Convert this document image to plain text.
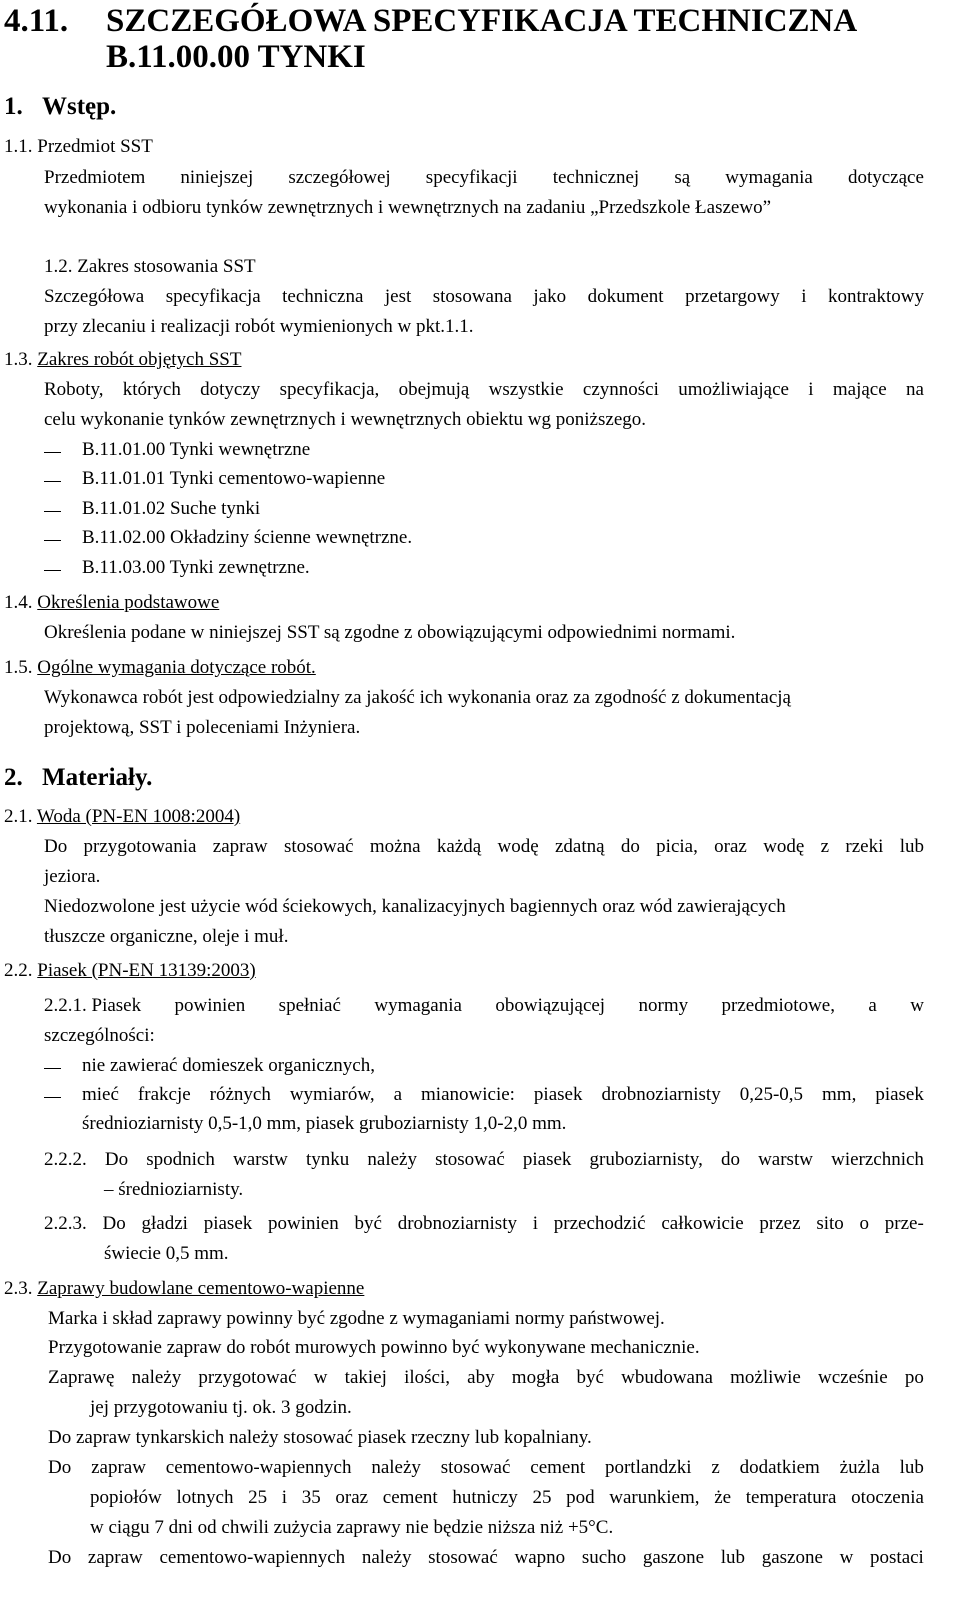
4.11. SZCZEGÓŁOWA SPECYFIKACJA TECHNICZNA
B.11.00.00 TYNKI
1. Wstęp.
1.1. Przedmiot SST
Przedmiotem niniejszej szczegółowej specyfikacji technicznej są wymagania dotyczące
wykonania i odbioru tynków zewnętrznych i wewnętrznych na zadaniu „Przedszkole Łaszewo”
1.2. Zakres stosowania SST
Szczegółowa specyfikacja techniczna jest stosowana jako dokument przetargowy i kontraktowy
przy zlecaniu i realizacji robót wymienionych w pkt.1.1.
1.3. Zakres robót objętych SST
Roboty, których dotyczy specyfikacja, obejmują wszystkie czynności umożliwiające i mające na
celu wykonanie tynków zewnętrznych i wewnętrznych obiektu wg poniższego.
B.11.01.00 Tynki wewnętrzne
B.11.01.01 Tynki cementowo-wapienne
B.11.01.02 Suche tynki
B.11.02.00 Okładziny ścienne wewnętrzne.
B.11.03.00 Tynki zewnętrzne.
1.4. Określenia podstawowe
Określenia podane w niniejszej SST są zgodne z obowiązującymi odpowiednimi normami.
1.5. Ogólne wymagania dotyczące robót.
Wykonawca robót jest odpowiedzialny za jakość ich wykonania oraz za zgodność z dokumentacją
projektową, SST i poleceniami Inżyniera.
2. Materiały.
2.1. Woda (PN-EN 1008:2004)
Do przygotowania zapraw stosować można każdą wodę zdatną do picia, oraz wodę z rzeki lub
jeziora.
Niedozwolone jest użycie wód ściekowych, kanalizacyjnych bagiennych oraz wód zawierających
tłuszcze organiczne, oleje i muł.
2.2. Piasek (PN-EN 13139:2003)
2.2.1. Piasek powinien spełniać wymagania obowiązującej normy przedmiotowe, a w
szczególności:
nie zawierać domieszek organicznych,
mieć frakcje różnych wymiarów, a mianowicie: piasek drobnoziarnisty 0,25-0,5 mm, piasek
średnioziarnisty 0,5-1,0 mm, piasek gruboziarnisty 1,0-2,0 mm.
2.2.2. Do spodnich warstw tynku należy stosować piasek gruboziarnisty, do warstw wierzchnich
– średnioziarnisty.
2.2.3. Do gładzi piasek powinien być drobnoziarnisty i przechodzić całkowicie przez sito o prze-
świecie 0,5 mm.
2.3. Zaprawy budowlane cementowo-wapienne
Marka i skład zaprawy powinny być zgodne z wymaganiami normy państwowej.
Przygotowanie zapraw do robót murowych powinno być wykonywane mechanicznie.
Zaprawę należy przygotować w takiej ilości, aby mogła być wbudowana możliwie wcześnie po
jej przygotowaniu tj. ok. 3 godzin.
Do zapraw tynkarskich należy stosować piasek rzeczny lub kopalniany.
Do zapraw cementowo-wapiennych należy stosować cement portlandzki z dodatkiem żużla lub
popiołów lotnych 25 i 35 oraz cement hutniczy 25 pod warunkiem, że temperatura otoczenia
w ciągu 7 dni od chwili zużycia zaprawy nie będzie niższa niż +5°C.
Do zapraw cementowo-wapiennych należy stosować wapno sucho gaszone lub gaszone w postaci
